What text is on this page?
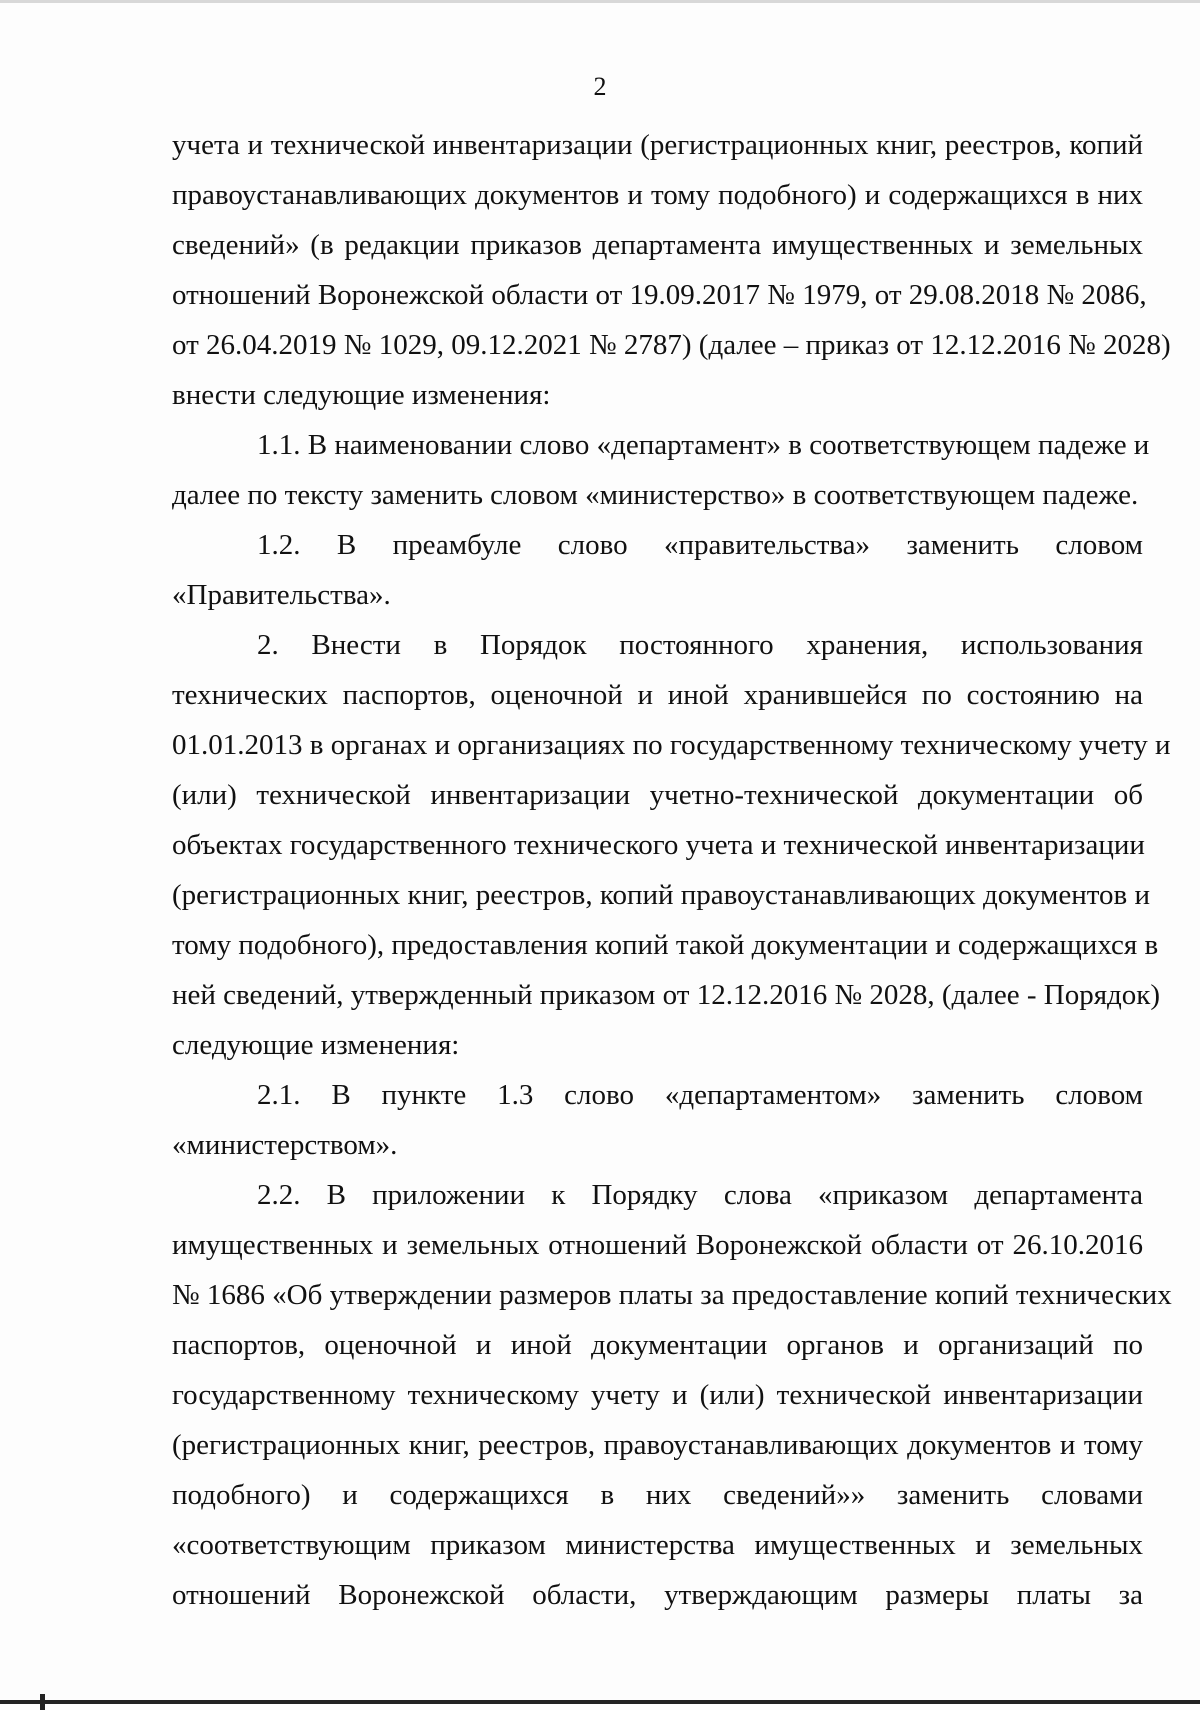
2
учета и технической инвентаризации (регистрационных книг, реестров, копий
правоустанавливающих документов и тому подобного) и содержащихся в них
сведений» (в редакции приказов департамента имущественных и земельных
отношений Воронежской области от 19.09.2017 № 1979, от 29.08.2018 № 2086,
от 26.04.2019 № 1029, 09.12.2021 № 2787) (далее – приказ от 12.12.2016 № 2028)
внести следующие изменения:
1.1. В наименовании слово «департамент» в соответствующем падеже и
далее по тексту заменить словом «министерство» в соответствующем падеже.
1.2. В преамбуле слово «правительства» заменить словом
«Правительства».
2. Внести в Порядок постоянного хранения, использования
технических паспортов, оценочной и иной хранившейся по состоянию на
01.01.2013 в органах и организациях по государственному техническому учету и
(или) технической инвентаризации учетно-технической документации об
объектах государственного технического учета и технической инвентаризации
(регистрационных книг, реестров, копий правоустанавливающих документов и
тому подобного), предоставления копий такой документации и содержащихся в
ней сведений, утвержденный приказом от 12.12.2016 № 2028, (далее - Порядок)
следующие изменения:
2.1. В пункте 1.3 слово «департаментом» заменить словом
«министерством».
2.2. В приложении к Порядку слова «приказом департамента
имущественных и земельных отношений Воронежской области от 26.10.2016
№ 1686 «Об утверждении размеров платы за предоставление копий технических
паспортов, оценочной и иной документации органов и организаций по
государственному техническому учету и (или) технической инвентаризации
(регистрационных книг, реестров, правоустанавливающих документов и тому
подобного) и содержащихся в них сведений»» заменить словами
«соответствующим приказом министерства имущественных и земельных
отношений Воронежской области, утверждающим размеры платы за
